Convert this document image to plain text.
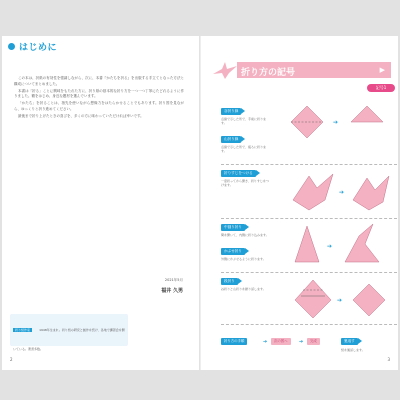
はじめに

この本は、折紙の有効性を強調しながら、次に、本書『かたちを折る』を出版する手立てとなった方法と構成についてまとめました。

本書は「折る」ことに興味をもたれた方に、折り紙の基本的な折り方を一つ一つ丁寧にたどれるように作りました。鶴をはじめ、身近な題材を選んでいます。

「かたち」を折ることは、指先を使いながら想像力をはたらかせることでもあります。折り図を見ながら、ゆっくりと折り進めてください。

最後まで折り上げたときの喜びを、多くの方に味わっていただければ幸いです。

2021年5月
福井 久男
折り紙作家	1948年生まれ。折り紙の研究と創作を続け、各地で講習会を開いている。著書多数。
2
折り方の記号	▶
記号1
谷折り線
点線で示した所で、手前に折ります。	➔
山折り線
点線で示した所で、後ろに折ります。
折りすじをつける
一度折ってから開き、折りすじをつけます。
➔
中割り折り
間を開いて、内側に折り込みます。
かぶせ折り
外側にかぶせるように折ります。
➔
段折り
谷折りと山折りを繰り返します。
➔
折り方の手順	➔	次の図へ	➔	完成
紙を裏返します。
裏返す
3
